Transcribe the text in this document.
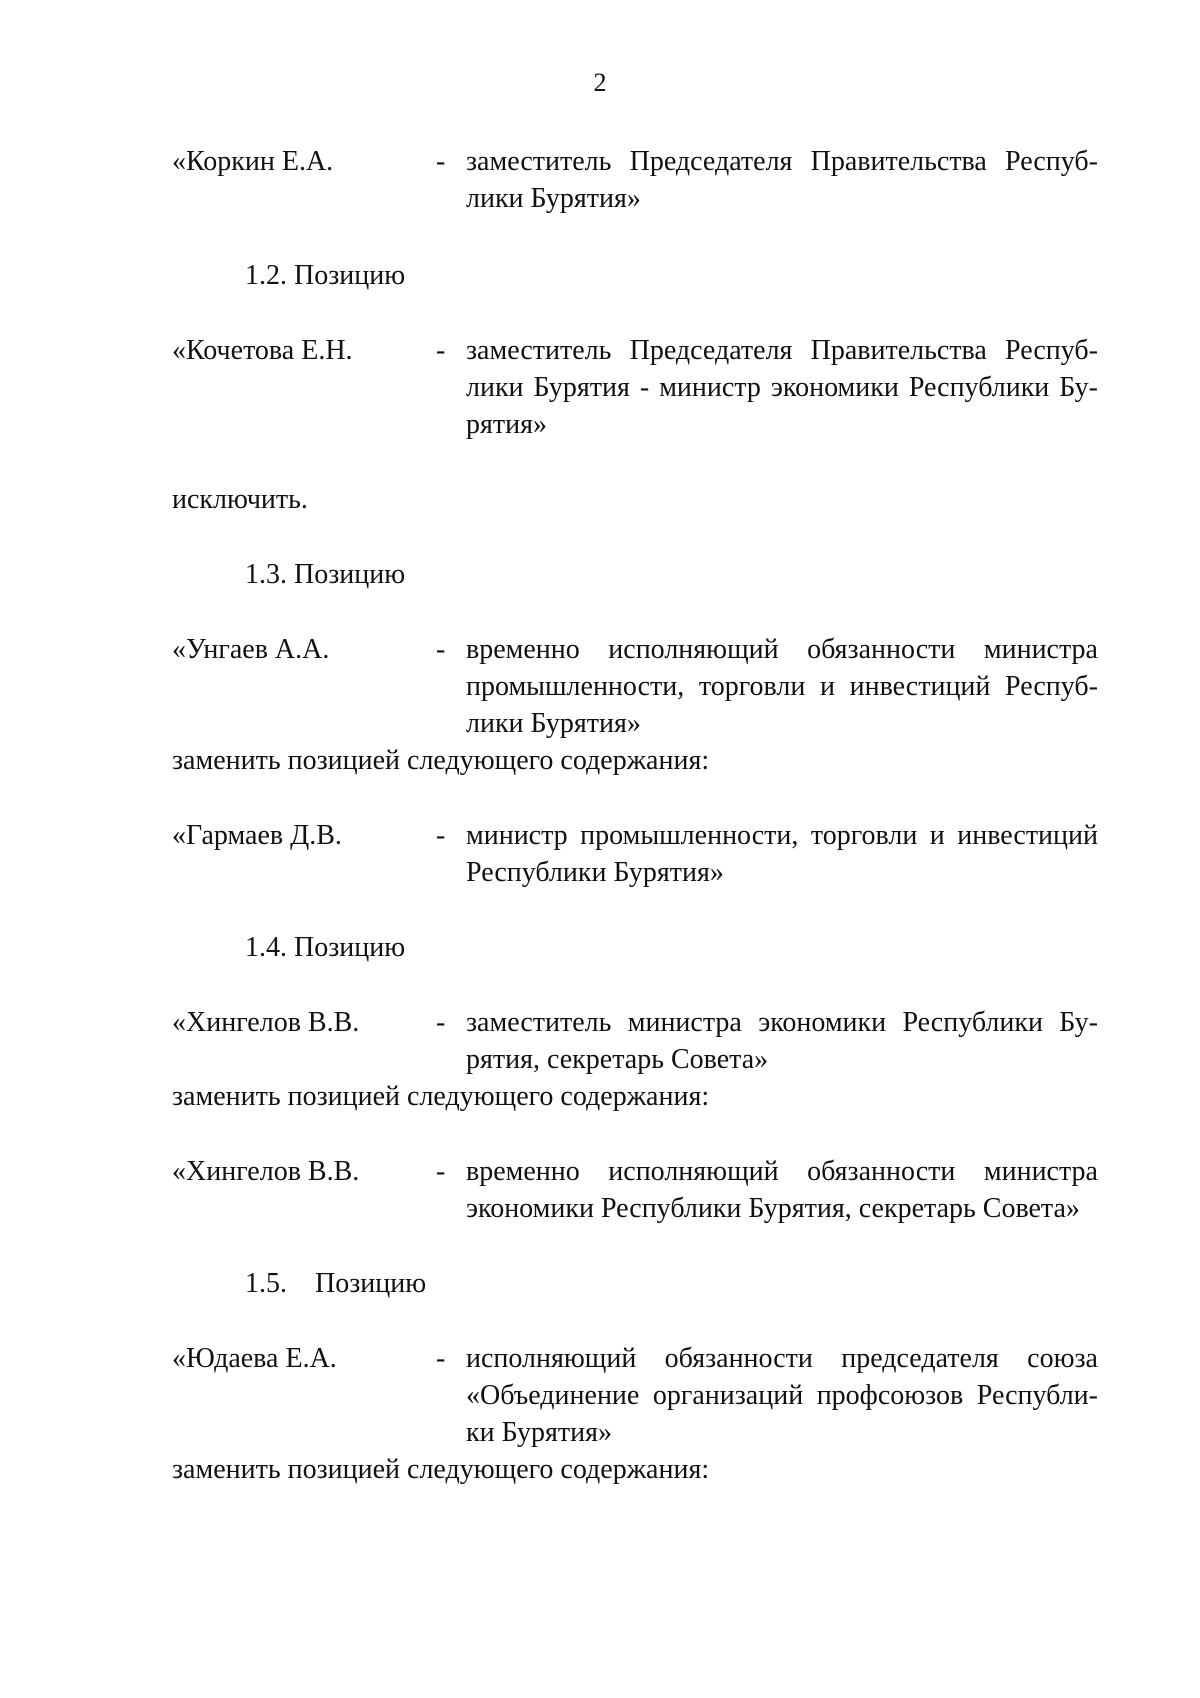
2
«Коркин Е.А.	- заместитель Председателя Правительства Респуб-
лики Бурятия»
1.2. Позицию
«Кочетова Е.Н.	- заместитель Председателя Правительства Респуб-
лики Бурятия - министр экономики Республики Бу-
рятия»
исключить.
1.3. Позицию
«Унгаев А.А.	- временно исполняющий обязанности министра
промышленности, торговли и инвестиций Респуб-
лики Бурятия»
заменить позицией следующего содержания:
«Гармаев Д.В.	- министр промышленности, торговли и инвестиций
Республики Бурятия»
1.4. Позицию
«Хингелов В.В.	- заместитель министра экономики Республики Бу-
рятия, секретарь Совета»
заменить позицией следующего содержания:
«Хингелов В.В.	- временно исполняющий обязанности министра
экономики Республики Бурятия, секретарь Совета»
1.5.    Позицию
«Юдаева Е.А.	- исполняющий обязанности председателя союза
«Объединение организаций профсоюзов Республи-
ки Бурятия»
заменить позицией следующего содержания:
